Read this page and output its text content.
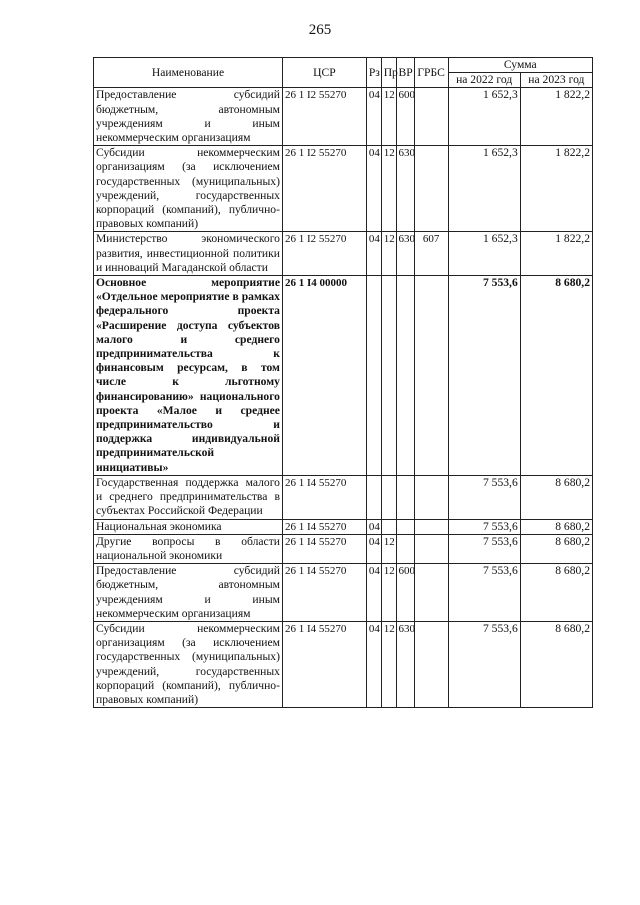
265
Наименование	ЦСР	Рз	Пр	ВР	ГРБС	Сумма	
						на 2022 год	на 2023 год
Предоставление субсидий бюджетным, автономным учреждениям и иным некоммерческим организациям	26 1 I2 55270	04	12	600		1 652,3	1 822,2
Субсидии некоммерческим организациям (за исключением государственных (муниципальных) учреждений, государственных корпораций (компаний), публично-правовых компаний)	26 1 I2 55270	04	12	630		1 652,3	1 822,2
Министерство экономического развития, инвестиционной политики и инноваций Магаданской области	26 1 I2 55270	04	12	630	607	1 652,3	1 822,2
Основное мероприятие «Отдельное мероприятие в рамках федерального проекта «Расширение доступа субъектов малого и среднего предпринимательства к финансовым ресурсам, в том числе к льготному финансированию» национального проекта «Малое и среднее предпринимательство и поддержка индивидуальной предпринимательской инициативы»	26 1 I4 00000					7 553,6	8 680,2
Государственная поддержка малого и среднего предпринимательства в субъектах Российской Федерации	26 1 I4 55270					7 553,6	8 680,2
Национальная экономика	26 1 I4 55270	04				7 553,6	8 680,2
Другие вопросы в области национальной экономики	26 1 I4 55270	04	12			7 553,6	8 680,2
Предоставление субсидий бюджетным, автономным учреждениям и иным некоммерческим организациям	26 1 I4 55270	04	12	600		7 553,6	8 680,2
Субсидии некоммерческим организациям (за исключением государственных (муниципальных) учреждений, государственных корпораций (компаний), публично-правовых компаний)	26 1 I4 55270	04	12	630		7 553,6	8 680,2
